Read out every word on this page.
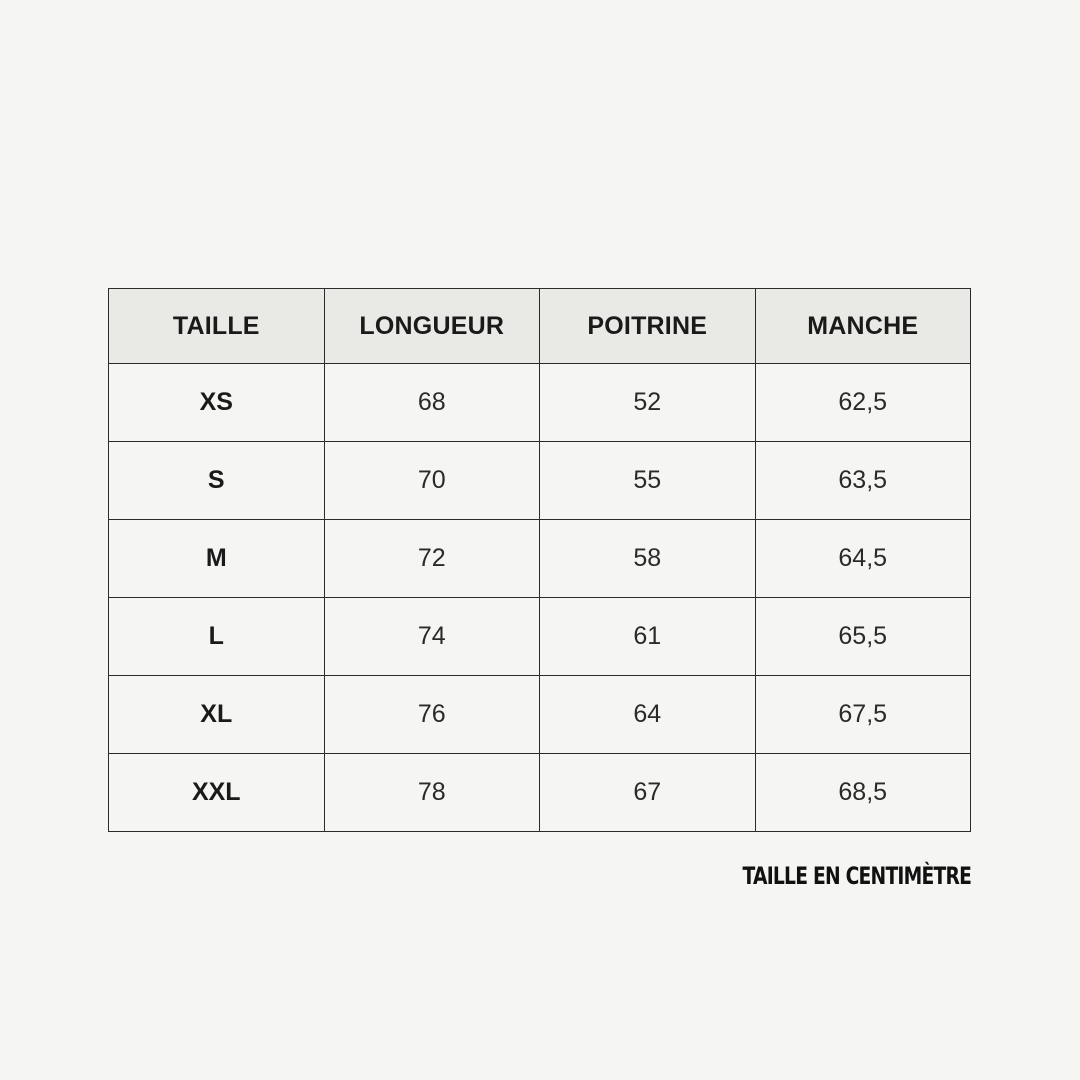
TAILLE	LONGUEUR	POITRINE	MANCHE
XS	68	52	62,5
S	70	55	63,5
M	72	58	64,5
L	74	61	65,5
XL	76	64	67,5
XXL	78	67	68,5
TAILLE EN CENTIMÈTRE
